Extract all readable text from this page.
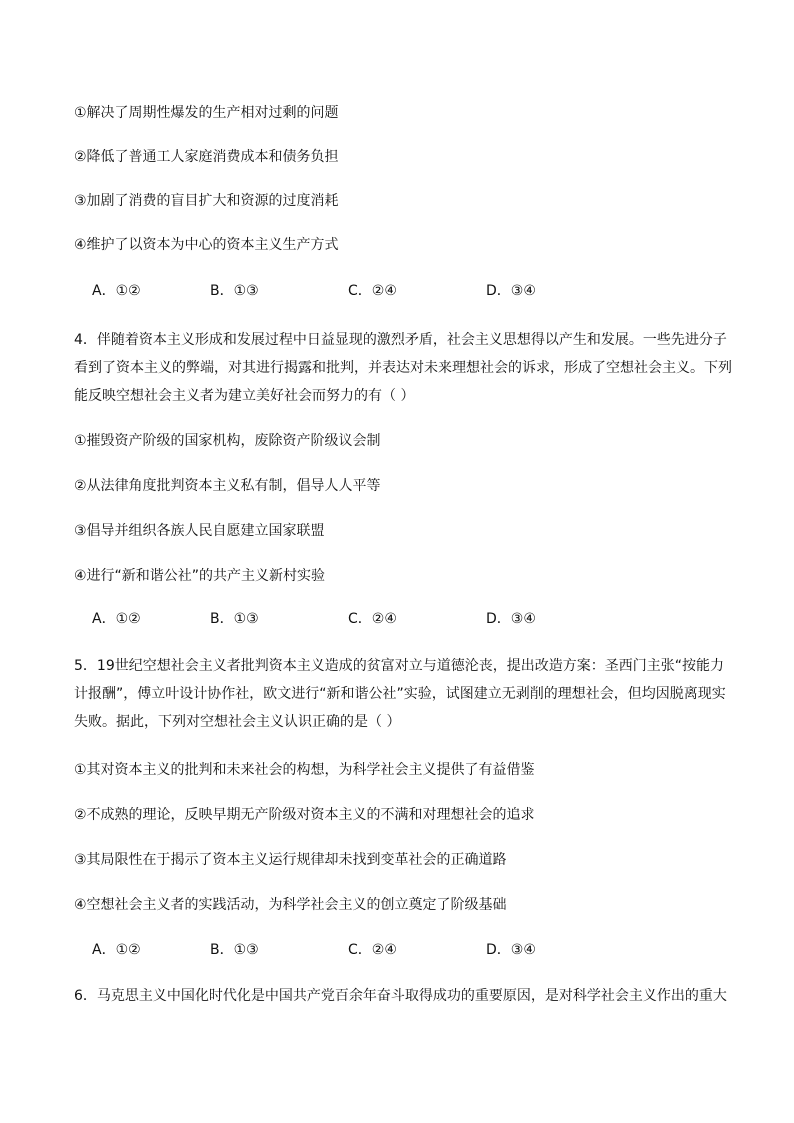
①解决了周期性爆发的生产相对过剩的问题
②降低了普通工人家庭消费成本和债务负担
③加剧了消费的盲目扩大和资源的过度消耗
④维护了以资本为中心的资本主义生产方式
A．①②	B．①③	C．②④	D．③④
4．伴随着资本主义形成和发展过程中日益显现的激烈矛盾，社会主义思想得以产生和发展。一些先进分子看到了资本主义的弊端，对其进行揭露和批判，并表达对未来理想社会的诉求，形成了空想社会主义。下列能反映空想社会主义者为建立美好社会而努力的有（ ）
①摧毁资产阶级的国家机构，废除资产阶级议会制
②从法律角度批判资本主义私有制，倡导人人平等
③倡导并组织各族人民自愿建立国家联盟
④进行“新和谐公社”的共产主义新村实验
A．①②	B．①③	C．②④	D．③④
5．19世纪空想社会主义者批判资本主义造成的贫富对立与道德沦丧，提出改造方案：圣西门主张“按能力计报酬”，傅立叶设计协作社，欧文进行“新和谐公社”实验，试图建立无剥削的理想社会，但均因脱离现实失败。据此，下列对空想社会主义认识正确的是（ ）
①其对资本主义的批判和未来社会的构想，为科学社会主义提供了有益借鉴
②不成熟的理论，反映早期无产阶级对资本主义的不满和对理想社会的追求
③其局限性在于揭示了资本主义运行规律却未找到变革社会的正确道路
④空想社会主义者的实践活动，为科学社会主义的创立奠定了阶级基础
A．①②	B．①③	C．②④	D．③④
6．马克思主义中国化时代化是中国共产党百余年奋斗取得成功的重要原因，是对科学社会主义作出的重大
